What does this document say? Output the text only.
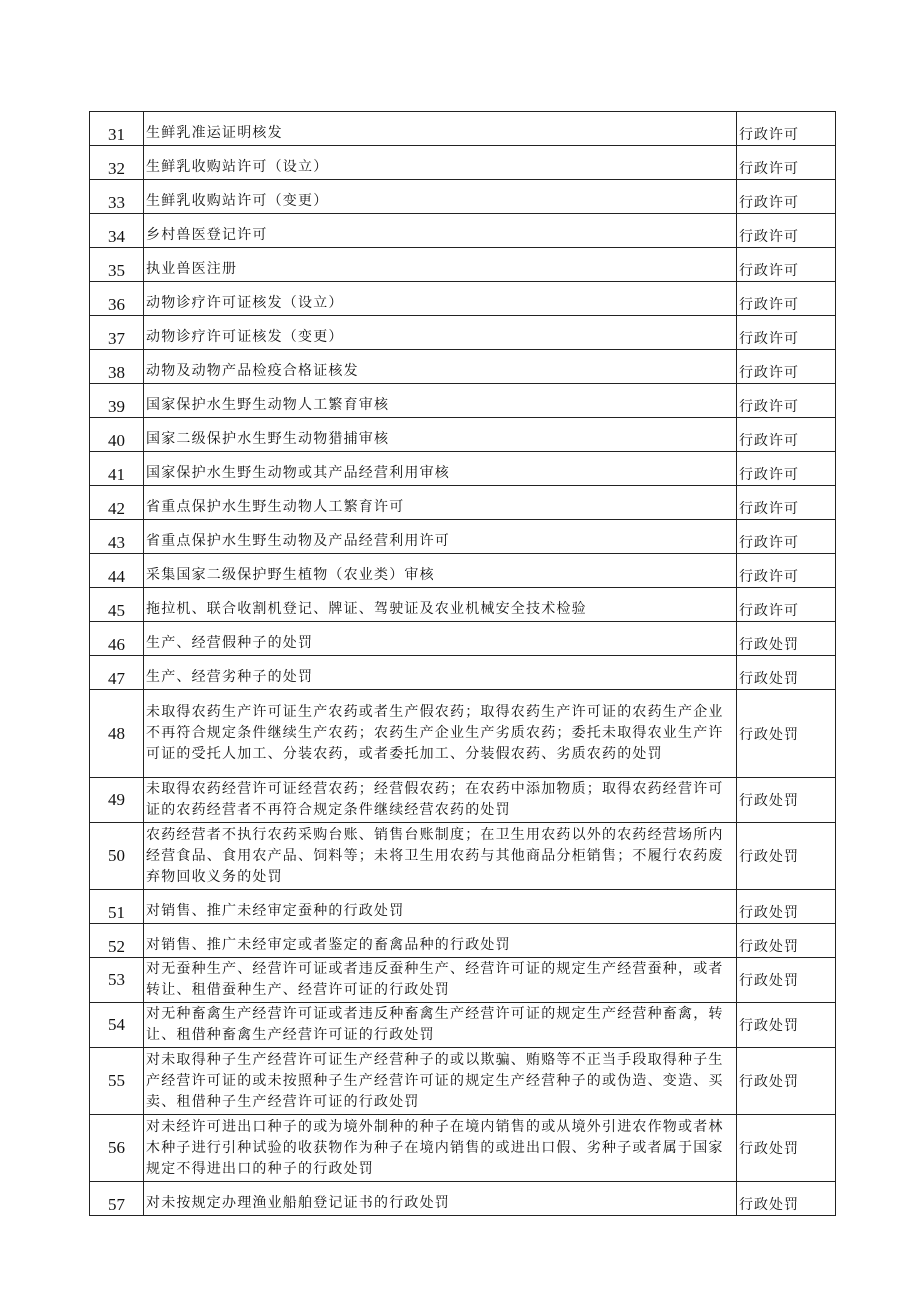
31	生鲜乳准运证明核发	行政许可
32	生鲜乳收购站许可（设立）	行政许可
33	生鲜乳收购站许可（变更）	行政许可
34	乡村兽医登记许可	行政许可
35	执业兽医注册	行政许可
36	动物诊疗许可证核发（设立）	行政许可
37	动物诊疗许可证核发（变更）	行政许可
38	动物及动物产品检疫合格证核发	行政许可
39	国家保护水生野生动物人工繁育审核	行政许可
40	国家二级保护水生野生动物猎捕审核	行政许可
41	国家保护水生野生动物或其产品经营利用审核	行政许可
42	省重点保护水生野生动物人工繁育许可	行政许可
43	省重点保护水生野生动物及产品经营利用许可	行政许可
44	采集国家二级保护野生植物（农业类）审核	行政许可
45	拖拉机、联合收割机登记、牌证、驾驶证及农业机械安全技术检验	行政许可
46	生产、经营假种子的处罚	行政处罚
47	生产、经营劣种子的处罚	行政处罚
48	未取得农药生产许可证生产农药或者生产假农药；取得农药生产许可证的农药生产企业不再符合规定条件继续生产农药；农药生产企业生产劣质农药；委托未取得农业生产许可证的受托人加工、分装农药，或者委托加工、分装假农药、劣质农药的处罚	行政处罚
49	未取得农药经营许可证经营农药；经营假农药；在农药中添加物质；取得农药经营许可证的农药经营者不再符合规定条件继续经营农药的处罚	行政处罚
50	农药经营者不执行农药采购台账、销售台账制度；在卫生用农药以外的农药经营场所内经营食品、食用农产品、饲料等；未将卫生用农药与其他商品分柜销售；不履行农药废弃物回收义务的处罚	行政处罚
51	对销售、推广未经审定蚕种的行政处罚	行政处罚
52	对销售、推广未经审定或者鉴定的畜禽品种的行政处罚	行政处罚
53	对无蚕种生产、经营许可证或者违反蚕种生产、经营许可证的规定生产经营蚕种，或者转让、租借蚕种生产、经营许可证的行政处罚	行政处罚
54	对无种畜禽生产经营许可证或者违反种畜禽生产经营许可证的规定生产经营种畜禽，转让、租借种畜禽生产经营许可证的行政处罚	行政处罚
55	对未取得种子生产经营许可证生产经营种子的或以欺骗、贿赂等不正当手段取得种子生产经营许可证的或未按照种子生产经营许可证的规定生产经营种子的或伪造、变造、买卖、租借种子生产经营许可证的行政处罚	行政处罚
56	对未经许可进出口种子的或为境外制种的种子在境内销售的或从境外引进农作物或者林木种子进行引种试验的收获物作为种子在境内销售的或进出口假、劣种子或者属于国家规定不得进出口的种子的行政处罚	行政处罚
57	对未按规定办理渔业船舶登记证书的行政处罚	行政处罚
